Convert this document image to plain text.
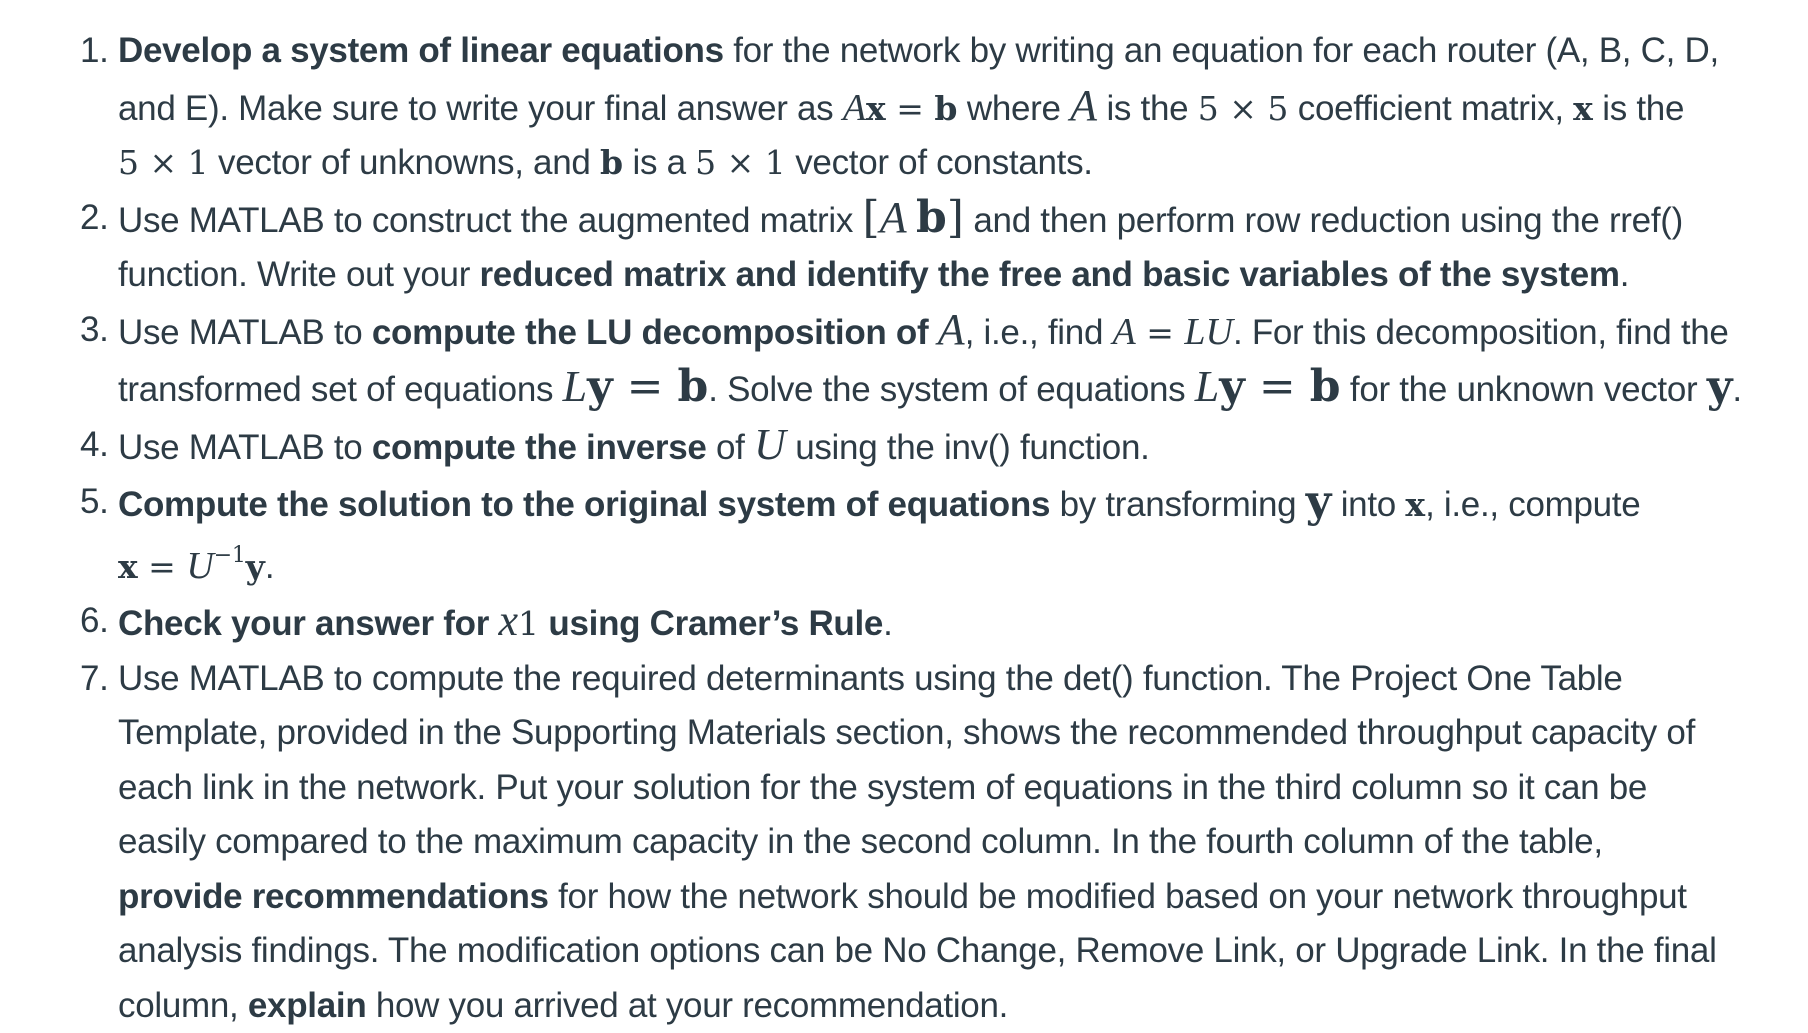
1. Develop a system of linear equations for the network by writing an equation for each router (A, B, C, D,
and E). Make sure to write your final answer as Ax = b where A is the 5 × 5 coefficient matrix, x is the
5 × 1 vector of unknowns, and b is a 5 × 1 vector of constants.
2. Use MATLAB to construct the augmented matrix [A b] and then perform row reduction using the rref()
function. Write out your reduced matrix and identify the free and basic variables of the system.
3. Use MATLAB to compute the LU decomposition of A, i.e., find A = LU. For this decomposition, find the
transformed set of equations Ly = b. Solve the system of equations Ly = b for the unknown vector y.
4. Use MATLAB to compute the inverse of U using the inv() function.
5. Compute the solution to the original system of equations by transforming y into x, i.e., compute
$x = U^{-1}y$.
6. Check your answer for x1 using Cramer’s Rule.
7. Use MATLAB to compute the required determinants using the det() function. The Project One Table
Template, provided in the Supporting Materials section, shows the recommended throughput capacity of
each link in the network. Put your solution for the system of equations in the third column so it can be
easily compared to the maximum capacity in the second column. In the fourth column of the table,
provide recommendations for how the network should be modified based on your network throughput
analysis findings. The modification options can be No Change, Remove Link, or Upgrade Link. In the final
column, explain how you arrived at your recommendation.
